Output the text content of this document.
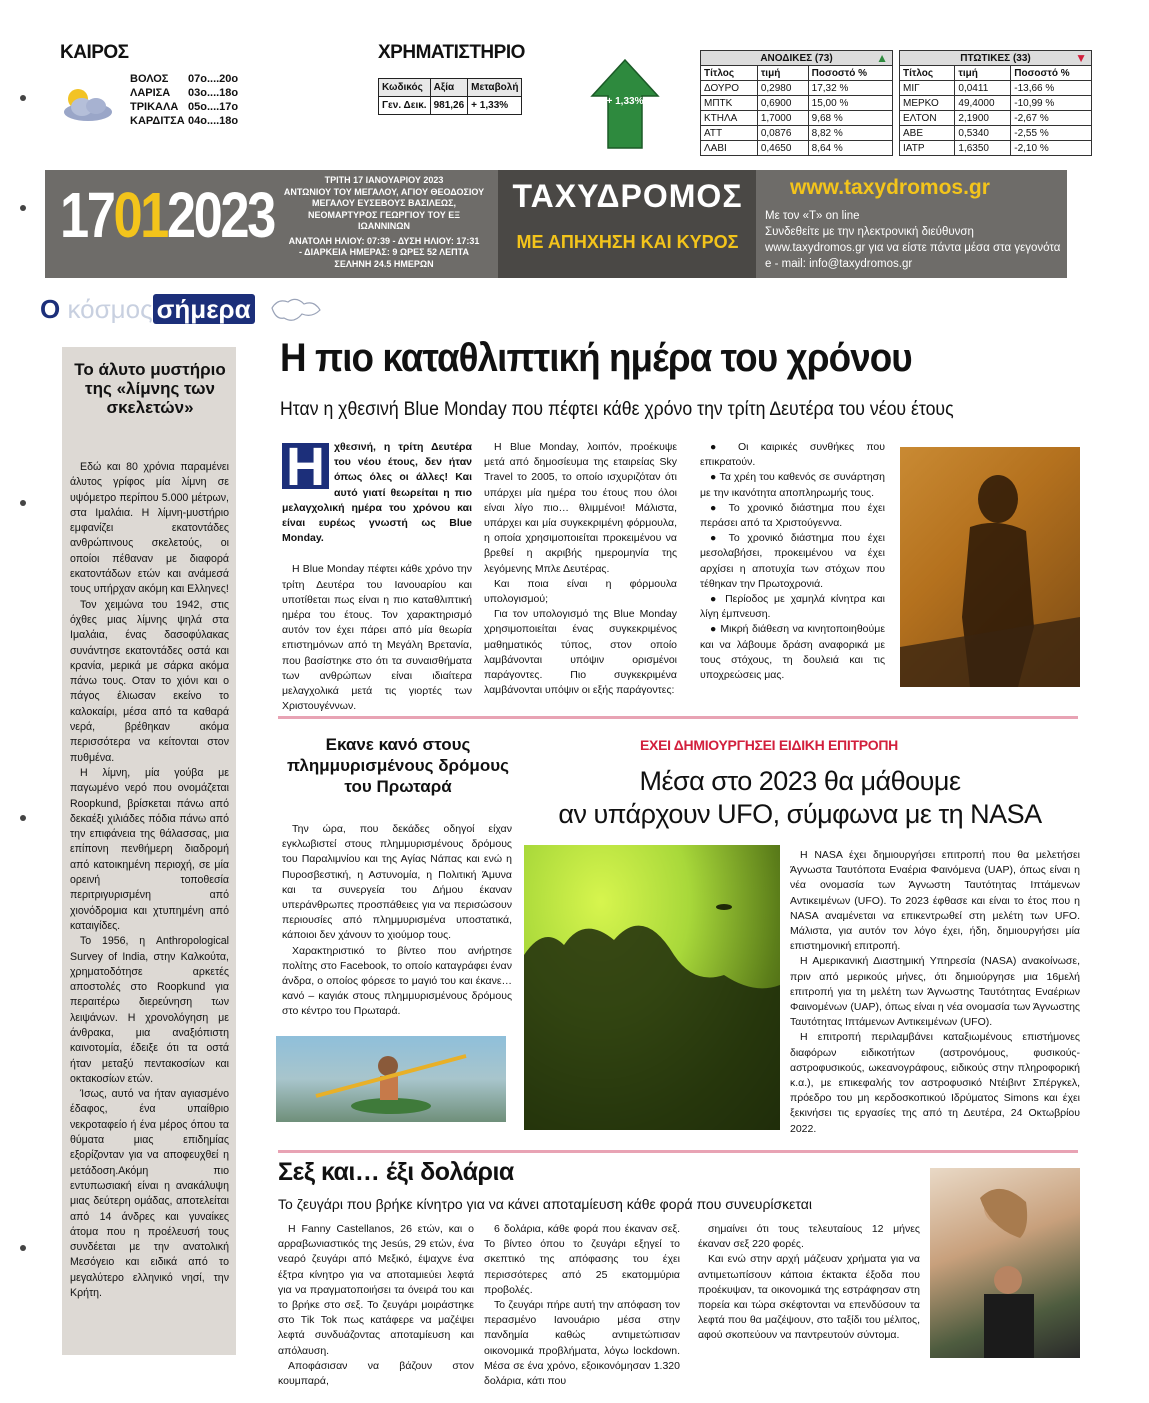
ΚΑΙΡΟΣ
ΒΟΛΟΣ	07ο....20ο
ΛΑΡΙΣΑ	03ο....18ο
ΤΡΙΚΑΛΑ 05ο....17ο
ΚΑΡΔΙΤΣΑ 04ο....18ο
ΧΡΗΜΑΤΙΣΤΗΡΙΟ
Κωδικός	Αξία	Μεταβολή
Γεν. Δεικ.	981,26	+ 1,33%	+ 1,33%
ΑΝΟΔΙΚΕΣ (73) ▲		

Τίτλος	τιμή	Ποσοστό %
ΔΟΥΡΟ	0,2980	17,32 %
ΜΠΤΚ	0,6900	15,00 %
ΚΤΗΛΑ	1,7000	9,68 %
ΑΤΤ	0,0876	8,82 %
ΛΑΒΙ	0,4650	8,64 %
ΠΤΩΤΙΚΕΣ (33) ▼		

Τίτλος	τιμή	Ποσοστό %
ΜΙΓ	0,0411	-13,66 %
ΜΕΡΚΟ	49,4000	-10,99 %
ΕΛΤΟΝ	2,1900	-2,67 %
ΑΒΕ	0,5340	-2,55 %
ΙΑΤΡ	1,6350	-2,10 %
17012023	ΤΡΙΤΗ 17 ΙΑΝΟΥΑΡΙΟΥ 2023
ΑΝΤΩΝΙΟΥ ΤΟΥ ΜΕΓΑΛΟΥ, ΑΓΙΟΥ ΘΕΟΔΟΣΙΟΥ ΜΕΓΑΛΟΥ ΕΥΣΕΒΟΥΣ ΒΑΣΙΛΕΩΣ, ΝΕΟΜΑΡΤΥΡΟΣ ΓΕΩΡΓΙΟΥ ΤΟΥ ΕΞ ΙΩΑΝΝΙΝΩΝ
ΑΝΑΤΟΛΗ ΗΛΙΟΥ: 07:39 - ΔΥΣΗ ΗΛΙΟΥ: 17:31
- ΔΙΑΡΚΕΙΑ ΗΜΕΡΑΣ: 9 ΩΡΕΣ 52 ΛΕΠΤΑ
ΣΕΛΗΝΗ 24.5 ΗΜΕΡΩΝ
ΤΑΧΥΔΡΟΜΟΣ
ΜΕ ΑΠΗΧΗΣΗ ΚΑΙ ΚΥΡΟΣ
www.taxydromos.gr
Με τον «Τ» on line
Συνδεθείτε με την ηλεκτρονική διεύθυνση
www.taxydromos.gr για να είστε πάντα μέσα στα γεγονότα
e - mail: info@taxydromos.gr
Ο κόσμος σήμερα
Το άλυτο μυστήριο της «λίμνης των σκελετών»

Εδώ και 80 χρόνια παραμένει άλυτος γρίφος μία λίμνη σε υψόμετρο περίπου 5.000 μέτρων, στα Ιμαλάια. Η λίμνη-μυστήριο εμφανίζει εκατοντάδες ανθρώπινους σκελετούς, οι οποίοι πέθαναν με διαφορά εκατοντάδων ετών και ανάμεσά τους υπήρχαν ακόμη και Ελληνες!

Τον χειμώνα του 1942, στις όχθες μιας λίμνης ψηλά στα Ιμαλάια, ένας δασοφύλακας συνάντησε εκατοντάδες οστά και κρανία, μερικά με σάρκα ακόμα πάνω τους. Οταν το χιόνι και ο πάγος έλιωσαν εκείνο το καλοκαίρι, μέσα από τα καθαρά νερά, βρέθηκαν ακόμα περισσότερα να κείτονται στον πυθμένα.

Η λίμνη, μία γούβα με παγωμένο νερό που ονομάζεται Roopkund, βρίσκεται πάνω από δεκαέξι χιλιάδες πόδια πάνω από την επιφάνεια της θάλασσας, μια επίπονη πενθήμερη διαδρομή από κατοικημένη περιοχή, σε μία ορεινή τοποθεσία περιτριγυρισμένη από χιονόδρομια και χτυπημένη από καταιγίδες.

Το 1956, η Anthropological Survey of India, στην Καλκούτα, χρηματοδότησε αρκετές αποστολές στο Roopkund για περαιτέρω διερεύνηση των λειψάνων. Η χρονολόγηση με άνθρακα, μια αναξιόπιστη καινοτομία, έδειξε ότι τα οστά ήταν μεταξύ πεντακοσίων και οκτακοσίων ετών.

Ίσως, αυτό να ήταν αγιασμένο έδαφος, ένα υπαίθριο νεκροταφείο ή ένα μέρος όπου τα θύματα μιας επιδημίας εξορίζονταν για να αποφευχθεί η μετάδοση.Ακόμη πιο εντυπωσιακή είναι η ανακάλυψη μιας δεύτερη ομάδας, αποτελείται από 14 άνδρες και γυναίκες άτομα που η προέλευσή τους συνδέεται με την ανατολική Μεσόγειο και ειδικά από το μεγαλύτερο ελληνικό νησί, την Κρήτη.

Η πιο καταθλιπτική ημέρα του χρόνου
Ηταν η χθεσινή Blue Monday που πέφτει κάθε χρόνο την τρίτη Δευτέρα του νέου έτους
Η χθεσινή, η τρίτη Δευτέρα του νέου έτους, δεν ήταν όπως όλες οι άλλες! Και αυτό γιατί θεωρείται η πιο μελαγχολική ημέρα του χρόνου και είναι ευρέως γνωστή ως Blue Monday.

Η Blue Monday πέφτει κάθε χρόνο την τρίτη Δευτέρα του Ιανουαρίου και υποτίθεται πως είναι η πιο καταθλιπτική ημέρα του έτους. Τον χαρακτηρισμό αυτόν τον έχει πάρει από μία θεωρία επιστημόνων από τη Μεγάλη Βρετανία, που βασίστηκε στο ότι τα συναισθήματα των ανθρώπων είναι ιδιαίτερα μελαγχολικά μετά τις γιορτές των Χριστουγέννων.

Η Blue Monday, λοιπόν, προέκυψε μετά από δημοσίευμα της εταιρείας Sky Travel το 2005, το οποίο ισχυριζόταν ότι υπάρχει μία ημέρα του έτους που όλοι είναι λίγο πιο… θλιμμένοι! Μάλιστα, υπάρχει και μία συγκεκριμένη φόρμουλα, η οποία χρησιμοποιείται προκειμένου να βρεθεί η ακριβής ημερομηνία της λεγόμενης Μπλε Δευτέρας.

Και ποια είναι η φόρμουλα υπολογισμού;

Για τον υπολογισμό της Blue Monday χρησιμοποιείται ένας συγκεκριμένος μαθηματικός τύπος, στον οποίο λαμβάνονται υπόψιν ορισμένοι παράγοντες. Πιο συγκεκριμένα λαμβάνονται υπόψιν οι εξής παράγοντες:

● Οι καιρικές συνθήκες που επικρατούν.

● Τα χρέη του καθενός σε συνάρτηση με την ικανότητα αποπληρωμής τους.

● Το χρονικό διάστημα που έχει περάσει από τα Χριστούγεννα.

● Το χρονικό διάστημα που έχει μεσολαβήσει, προκειμένου να έχει αρχίσει η αποτυχία των στόχων που τέθηκαν την Πρωτοχρονιά.

● Περίοδος με χαμηλά κίνητρα και λίγη έμπνευση.

● Μικρή διάθεση να κινητοποιηθούμε και να λάβουμε δράση αναφορικά με τους στόχους, τη δουλειά και τις υποχρεώσεις μας.

Εκανε κανό στους πλημμυρισμένους δρόμους του Πρωταρά

Την ώρα, που δεκάδες οδηγοί είχαν εγκλωβιστεί στους πλημμυρισμένους δρόμους του Παραλιμνίου και της Αγίας Νάπας και ενώ η Πυροσβεστική, η Αστυνομία, η Πολιτική Άμυνα και τα συνεργεία του Δήμου έκαναν υπεράνθρωπες προσπάθειες για να περισώσουν περιουσίες από πλημμυρισμένα υποστατικά, κάποιοι δεν χάνουν το χιούμορ τους.

Χαρακτηριστικό το βίντεο που ανήρτησε πολίτης στο Facebook, το οποίο καταγράφει έναν άνδρα, ο οποίος φόρεσε το μαγιό του και έκανε… κανό – καγιάκ στους πλημμυρισμένους δρόμους στο κέντρο του Πρωταρά.

ΕΧΕΙ ΔΗΜΙΟΥΡΓΗΣΕΙ ΕΙΔΙΚΗ ΕΠΙΤΡΟΠΗ
Μέσα στο 2023 θα μάθουμε
αν υπάρχουν UFO, σύμφωνα με τη NASA

Η NASA έχει δημιουργήσει επιτροπή που θα μελετήσει Άγνωστα Ταυτόποτα Εναέρια Φαινόμενα (UAP), όπως είναι η νέα ονομασία των Άγνωστη Ταυτότητας Ιπτάμενων Αντικειμένων (UFO). Το 2023 έφθασε και είναι το έτος που η NASA αναμένεται να επικεντρωθεί στη μελέτη των UFO. Μάλιστα, για αυτόν τον λόγο έχει, ήδη, δημιουργήσει μία επιστημονική επιτροπή.

Η Αμερικανική Διαστημική Υπηρεσία (NASA) ανακοίνωσε, πριν από μερικούς μήνες, ότι δημιούργησε μια 16μελή επιτροπή για τη μελέτη των Άγνωστης Ταυτότητας Εναέριων Φαινομένων (UAP), όπως είναι η νέα ονομασία των Άγνωστης Ταυτότητας Ιπτάμενων Αντικειμένων (UFO).

Η επιτροπή περιλαμβάνει καταξιωμένους επιστήμονες διαφόρων ειδικοτήτων (αστρονόμους, φυσικούς-αστροφυσικούς, ωκεανογράφους, ειδικούς στην πληροφορική κ.α.), με επικεφαλής τον αστροφυσικό Ντέιβιντ Σπέργκελ, πρόεδρο του μη κερδοσκοπικού Ιδρύματος Simons και έχει ξεκινήσει τις εργασίες της από τη Δευτέρα, 24 Οκτωβρίου 2022.

Σεξ και… έξι δολάρια
Το ζευγάρι που βρήκε κίνητρο για να κάνει αποταμίευση κάθε φορά που συνευρίσκεται

Η Fanny Castellanos, 26 ετών, και ο αρραβωνιαστικός της Jesús, 29 ετών, ένα νεαρό ζευγάρι από Μεξικό, έψαχνε ένα έξτρα κίνητρο για να αποταμιεύει λεφτά για να πραγματοποιήσει τα όνειρά του και το βρήκε στο σεξ. Το ζευγάρι μοιράστηκε στο Tik Tok πως κατάφερε να μαζέψει λεφτά συνδυάζοντας αποταμίευση και απόλαυση.

Αποφάσισαν να βάζουν στον κουμπαρά,

6 δολάρια, κάθε φορά που έκαναν σεξ. Το βίντεο όπου το ζευγάρι εξηγεί το σκεπτικό της απόφασης του έχει περισσότερες από 25 εκατομμύρια προβολές.

Το ζευγάρι πήρε αυτή την απόφαση τον περασμένο Ιανουάριο μέσα στην πανδημία καθώς αντιμετώπισαν οικονομικά προβλήματα, λόγω lockdown. Μέσα σε ένα χρόνο, εξοικονόμησαν 1.320 δολάρια, κάτι που

σημαίνει ότι τους τελευταίους 12 μήνες έκαναν σεξ 220 φορές.

Και ενώ στην αρχή μάζευαν χρήματα για να αντιμετωπίσουν κάποια έκτακτα έξοδα που προέκυψαν, τα οικονομικά της εστράφησαν στη πορεία και τώρα σκέφτονται να επενδύσουν τα λεφτά που θα μαζέψουν, στο ταξίδι του μέλιτος, αφού σκοπεύουν να παντρευτούν σύντομα.
